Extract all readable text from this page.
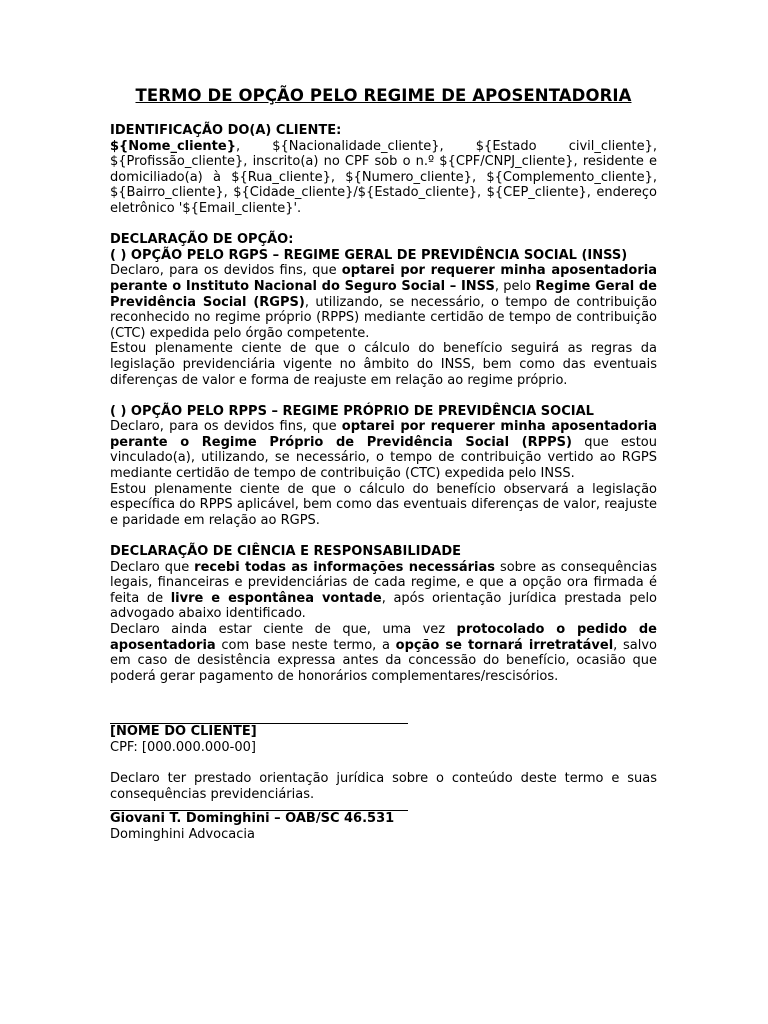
TERMO DE OPÇÃO PELO REGIME DE APOSENTADORIA
IDENTIFICAÇÃO DO(A) CLIENTE:

${Nome_cliente}, ${Nacionalidade_cliente}, ${Estado civil_cliente}, ${Profissão_cliente}, inscrito(a) no CPF sob o n.º ${CPF/CNPJ_cliente}, residente e domiciliado(a) à ${Rua_cliente}, ${Numero_cliente}, ${Complemento_cliente}, ${Bairro_cliente}, ${Cidade_cliente}/${Estado_cliente}, ${CEP_cliente}, endereço eletrônico '${Email_cliente}'.

DECLARAÇÃO DE OPÇÃO:

( ) OPÇÃO PELO RGPS – REGIME GERAL DE PREVIDÊNCIA SOCIAL (INSS)

Declaro, para os devidos fins, que optarei por requerer minha aposentadoria perante o Instituto Nacional do Seguro Social – INSS, pelo Regime Geral de Previdência Social (RGPS), utilizando, se necessário, o tempo de contribuição reconhecido no regime próprio (RPPS) mediante certidão de tempo de contribuição (CTC) expedida pelo órgão competente.

Estou plenamente ciente de que o cálculo do benefício seguirá as regras da legislação previdenciária vigente no âmbito do INSS, bem como das eventuais diferenças de valor e forma de reajuste em relação ao regime próprio.

( ) OPÇÃO PELO RPPS – REGIME PRÓPRIO DE PREVIDÊNCIA SOCIAL

Declaro, para os devidos fins, que optarei por requerer minha aposentadoria perante o Regime Próprio de Previdência Social (RPPS) que estou vinculado(a), utilizando, se necessário, o tempo de contribuição vertido ao RGPS mediante certidão de tempo de contribuição (CTC) expedida pelo INSS.

Estou plenamente ciente de que o cálculo do benefício observará a legislação específica do RPPS aplicável, bem como das eventuais diferenças de valor, reajuste e paridade em relação ao RGPS.

DECLARAÇÃO DE CIÊNCIA E RESPONSABILIDADE

Declaro que recebi todas as informações necessárias sobre as consequências legais, financeiras e previdenciárias de cada regime, e que a opção ora firmada é feita de livre e espontânea vontade, após orientação jurídica prestada pelo advogado abaixo identificado.

Declaro ainda estar ciente de que, uma vez protocolado o pedido de aposentadoria com base neste termo, a opção se tornará irretratável, salvo em caso de desistência expressa antes da concessão do benefício, ocasião que poderá gerar pagamento de honorários complementares/rescisórios.

[NOME DO CLIENTE]
CPF: [000.000.000-00]

Declaro ter prestado orientação jurídica sobre o conteúdo deste termo e suas consequências previdenciárias.

Giovani T. Dominghini – OAB/SC 46.531
Dominghini Advocacia
